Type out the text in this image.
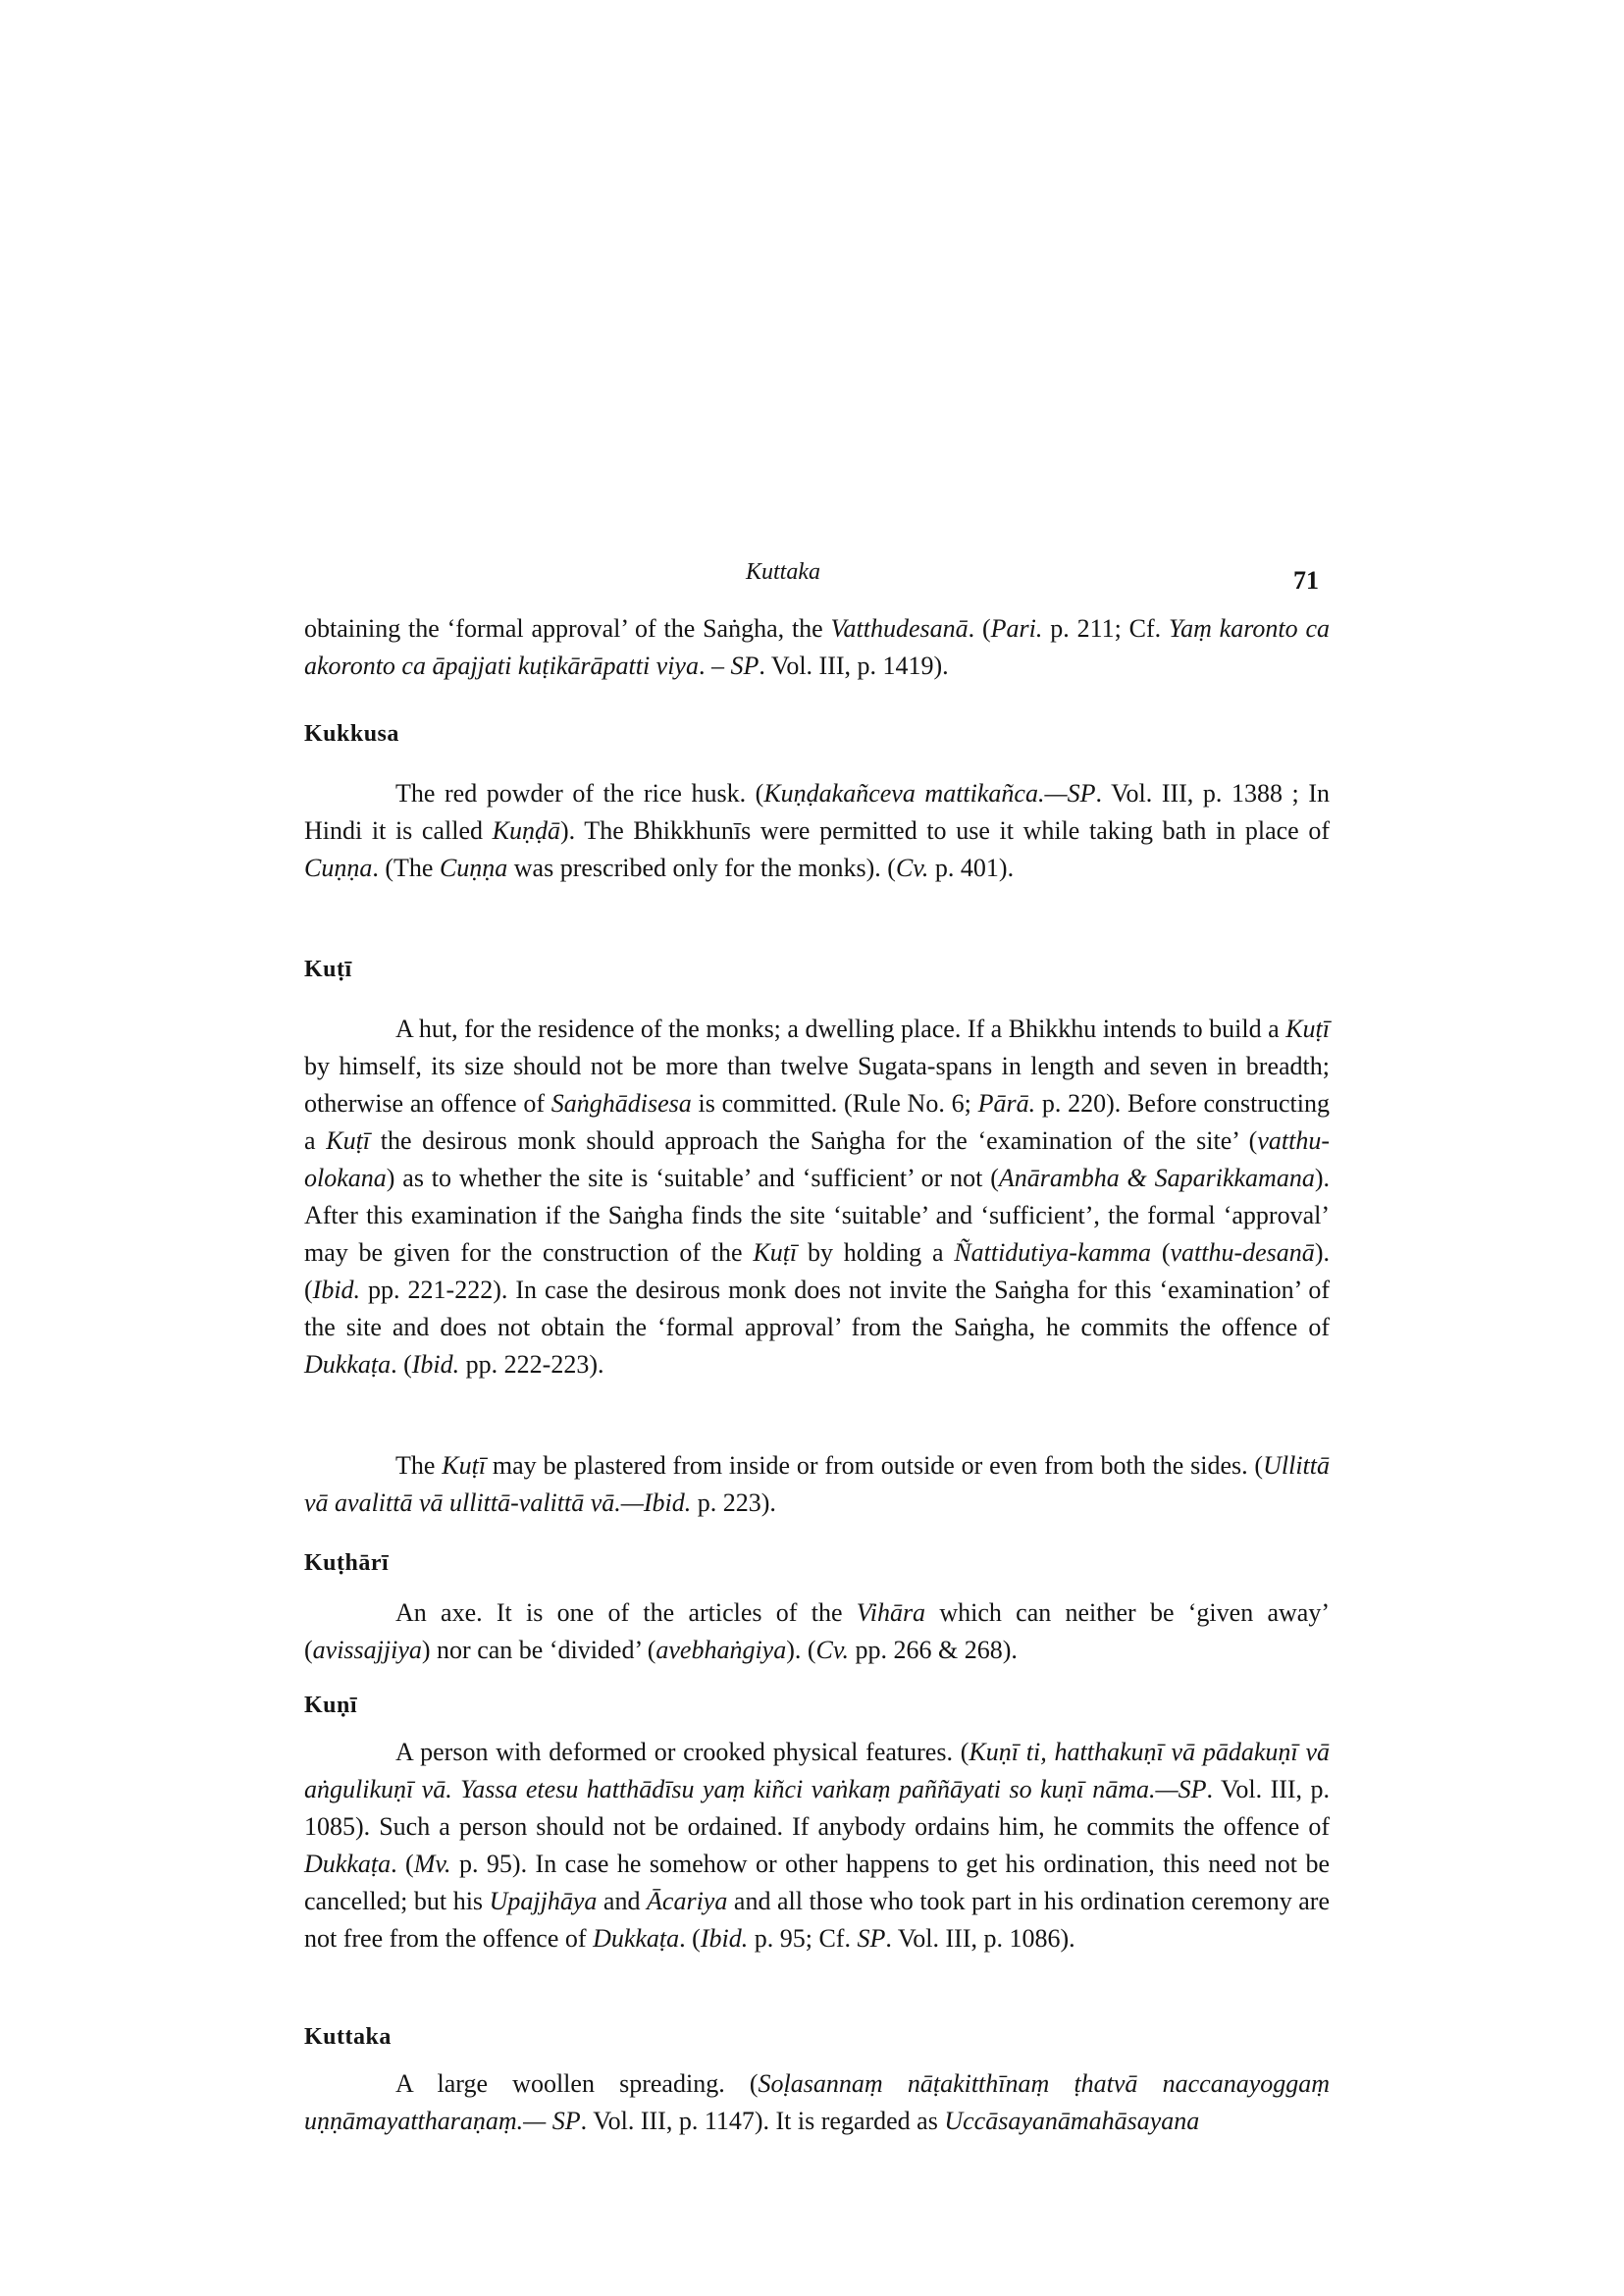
Kuttaka	71

obtaining the ‘formal approval’ of the Saṅgha, the Vatthudesanā. (Pari. p. 211; Cf. Yaṃ karonto ca akoronto ca āpajjati kuṭikārāpatti viya. – SP. Vol. III, p. 1419).

Kukkusa

The red powder of the rice husk. (Kuṇḍakañceva mattikañca.—SP. Vol. III, p. 1388 ; In Hindi it is called Kuṇḍā). The Bhikkhunīs were permitted to use it while taking bath in place of Cuṇṇa. (The Cuṇṇa was prescribed only for the monks). (Cv. p. 401).

Kuṭī

A hut, for the residence of the monks; a dwelling place. If a Bhikkhu intends to build a Kuṭī by himself, its size should not be more than twelve Sugata-spans in length and seven in breadth; otherwise an offence of Saṅghādisesa is committed. (Rule No. 6; Pārā. p. 220). Before constructing a Kuṭī the desirous monk should approach the Saṅgha for the ‘examination of the site’ (vatthu-olokana) as to whether the site is ‘suitable’ and ‘sufficient’ or not (Anārambha & Saparikkamana). After this examination if the Saṅgha finds the site ‘suitable’ and ‘sufficient’, the formal ‘approval’ may be given for the construction of the Kuṭī by holding a Ñattidutiya-kamma (vatthu-desanā). (Ibid. pp. 221-222). In case the desirous monk does not invite the Saṅgha for this ‘examination’ of the site and does not obtain the ‘formal approval’ from the Saṅgha, he commits the offence of Dukkaṭa. (Ibid. pp. 222-223).

The Kuṭī may be plastered from inside or from outside or even from both the sides. (Ullittā vā avalittā vā ullittā-valittā vā.—Ibid. p. 223).

Kuṭhārī

An axe. It is one of the articles of the Vihāra which can neither be ‘given away’ (avissajjiya) nor can be ‘divided’ (avebhaṅgiya). (Cv. pp. 266 & 268).

Kuṇī

A person with deformed or crooked physical features. (Kuṇī ti, hatthakuṇī vā pādakuṇī vā aṅgulikuṇī vā. Yassa etesu hatthādīsu yaṃ kiñci vaṅkaṃ paññāyati so kuṇī nāma.—SP. Vol. III, p. 1085). Such a person should not be ordained. If anybody ordains him, he commits the offence of Dukkaṭa. (Mv. p. 95). In case he somehow or other happens to get his ordination, this need not be cancelled; but his Upajjhāya and Ācariya and all those who took part in his ordination ceremony are not free from the offence of Dukkaṭa. (Ibid. p. 95; Cf. SP. Vol. III, p. 1086).

Kuttaka

A large woollen spreading. (Soḷasannaṃ nāṭakitthīnaṃ ṭhatvā naccanayoggaṃ uṇṇāmayattharaṇaṃ.— SP. Vol. III, p. 1147). It is regarded as Uccāsayanāmahāsayana
